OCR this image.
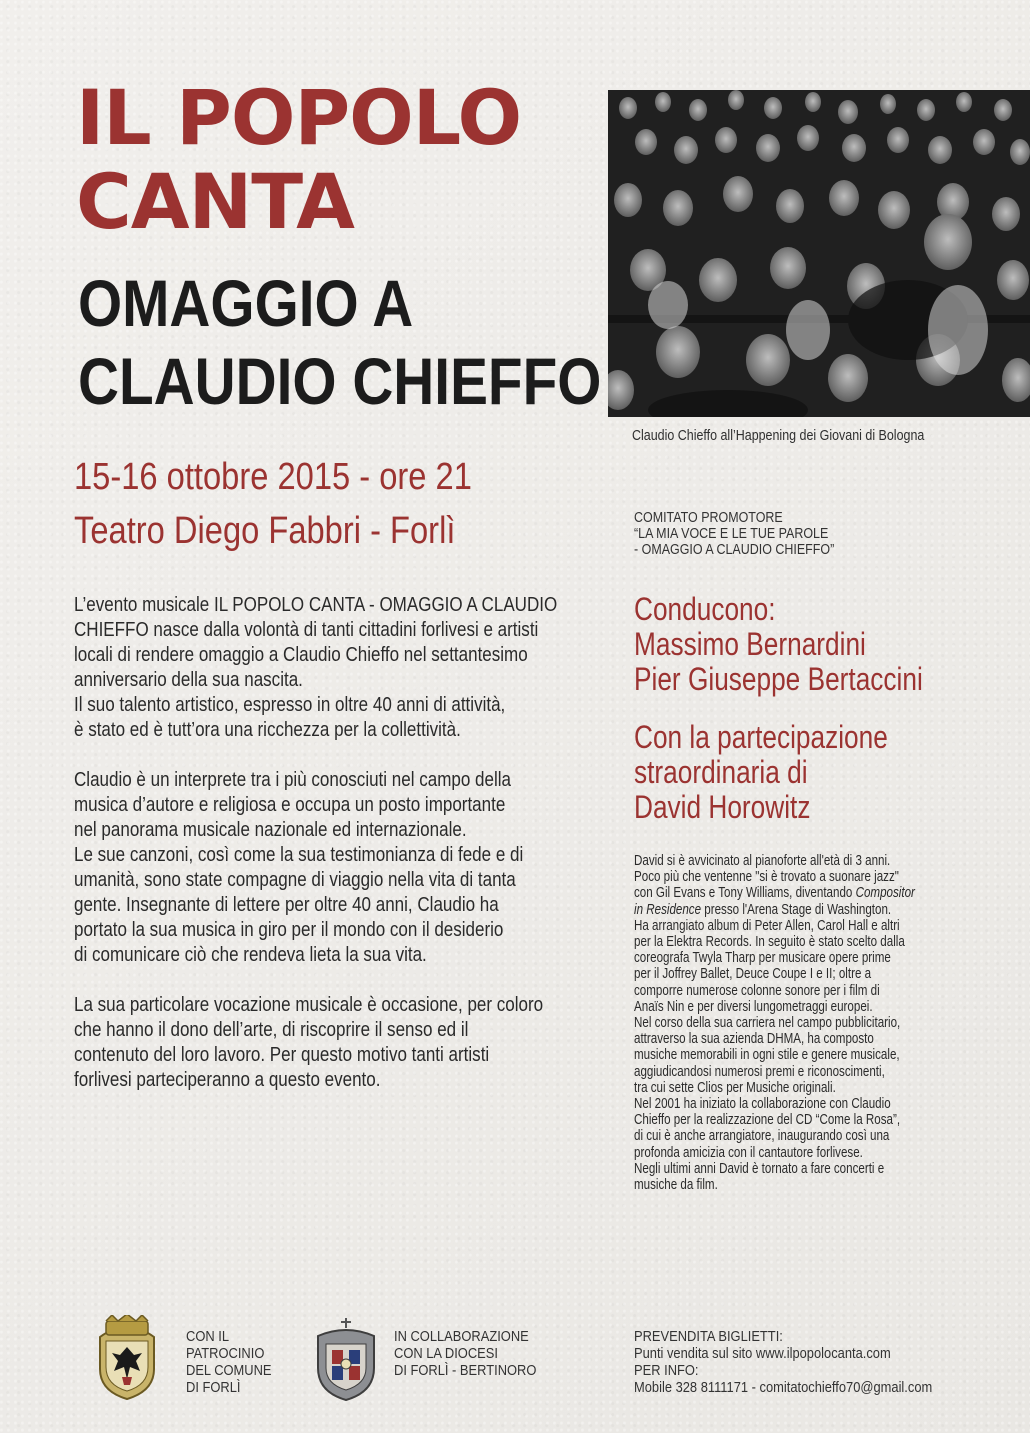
IL POPOLO
CANTA
OMAGGIO A
CLAUDIO CHIEFFO
15-16 ottobre 2015 - ore 21
Teatro Diego Fabbri - Forlì

L’evento musicale IL POPOLO CANTA - OMAGGIO A CLAUDIO
CHIEFFO nasce dalla volontà di tanti cittadini forlivesi e artisti
locali di rendere omaggio a Claudio Chieffo nel settantesimo
anniversario della sua nascita.
Il suo talento artistico, espresso in oltre 40 anni di attività,
è stato ed è tutt’ora una ricchezza per la collettività.

Claudio è un interprete tra i più conosciuti nel campo della
musica d’autore e religiosa e occupa un posto importante
nel panorama musicale nazionale ed internazionale.
Le sue canzoni, così come la sua testimonianza di fede e di
umanità, sono state compagne di viaggio nella vita di tanta
gente. Insegnante di lettere per oltre 40 anni, Claudio ha
portato la sua musica in giro per il mondo con il desiderio
di comunicare ciò che rendeva lieta la sua vita.

La sua particolare vocazione musicale è occasione, per coloro
che hanno il dono dell’arte, di riscoprire il senso ed il
contenuto del loro lavoro. Per questo motivo tanti artisti
forlivesi parteciperanno a questo evento.

Claudio Chieffo all’Happening dei Giovani di Bologna
COMITATO PROMOTORE
“LA MIA VOCE E LE TUE PAROLE
- OMAGGIO A CLAUDIO CHIEFFO”
Conducono:
Massimo Bernardini
Pier Giuseppe Bertaccini
Con la partecipazione
straordinaria di
David Horowitz
David si è avvicinato al pianoforte all'età di 3 anni.
Poco più che ventenne "si è trovato a suonare jazz"
con Gil Evans e Tony Williams, diventando Compositor
in Residence presso l'Arena Stage di Washington.
Ha arrangiato album di Peter Allen, Carol Hall e altri
per la Elektra Records. In seguito è stato scelto dalla
coreografa Twyla Tharp per musicare opere prime
per il Joffrey Ballet, Deuce Coupe I e II; oltre a
comporre numerose colonne sonore per i film di
Anaïs Nin e per diversi lungometraggi europei.
Nel corso della sua carriera nel campo pubblicitario,
attraverso la sua azienda DHMA, ha composto
musiche memorabili in ogni stile e genere musicale,
aggiudicandosi numerosi premi e riconoscimenti,
tra cui sette Clios per Musiche originali.
Nel 2001 ha iniziato la collaborazione con Claudio
Chieffo per la realizzazione del CD “Come la Rosa”,
di cui è anche arrangiatore, inaugurando così una
profonda amicizia con il cantautore forlivese.
Negli ultimi anni David è tornato a fare concerti e
musiche da film.
CON IL
PATROCINIO
DEL COMUNE
DI FORLÌ
IN COLLABORAZIONE
CON LA DIOCESI
DI FORLÌ - BERTINORO
PREVENDITA BIGLIETTI:
Punti vendita sul sito www.ilpopolocanta.com
PER INFO:
Mobile 328 8111171 - comitatochieffo70@gmail.com
